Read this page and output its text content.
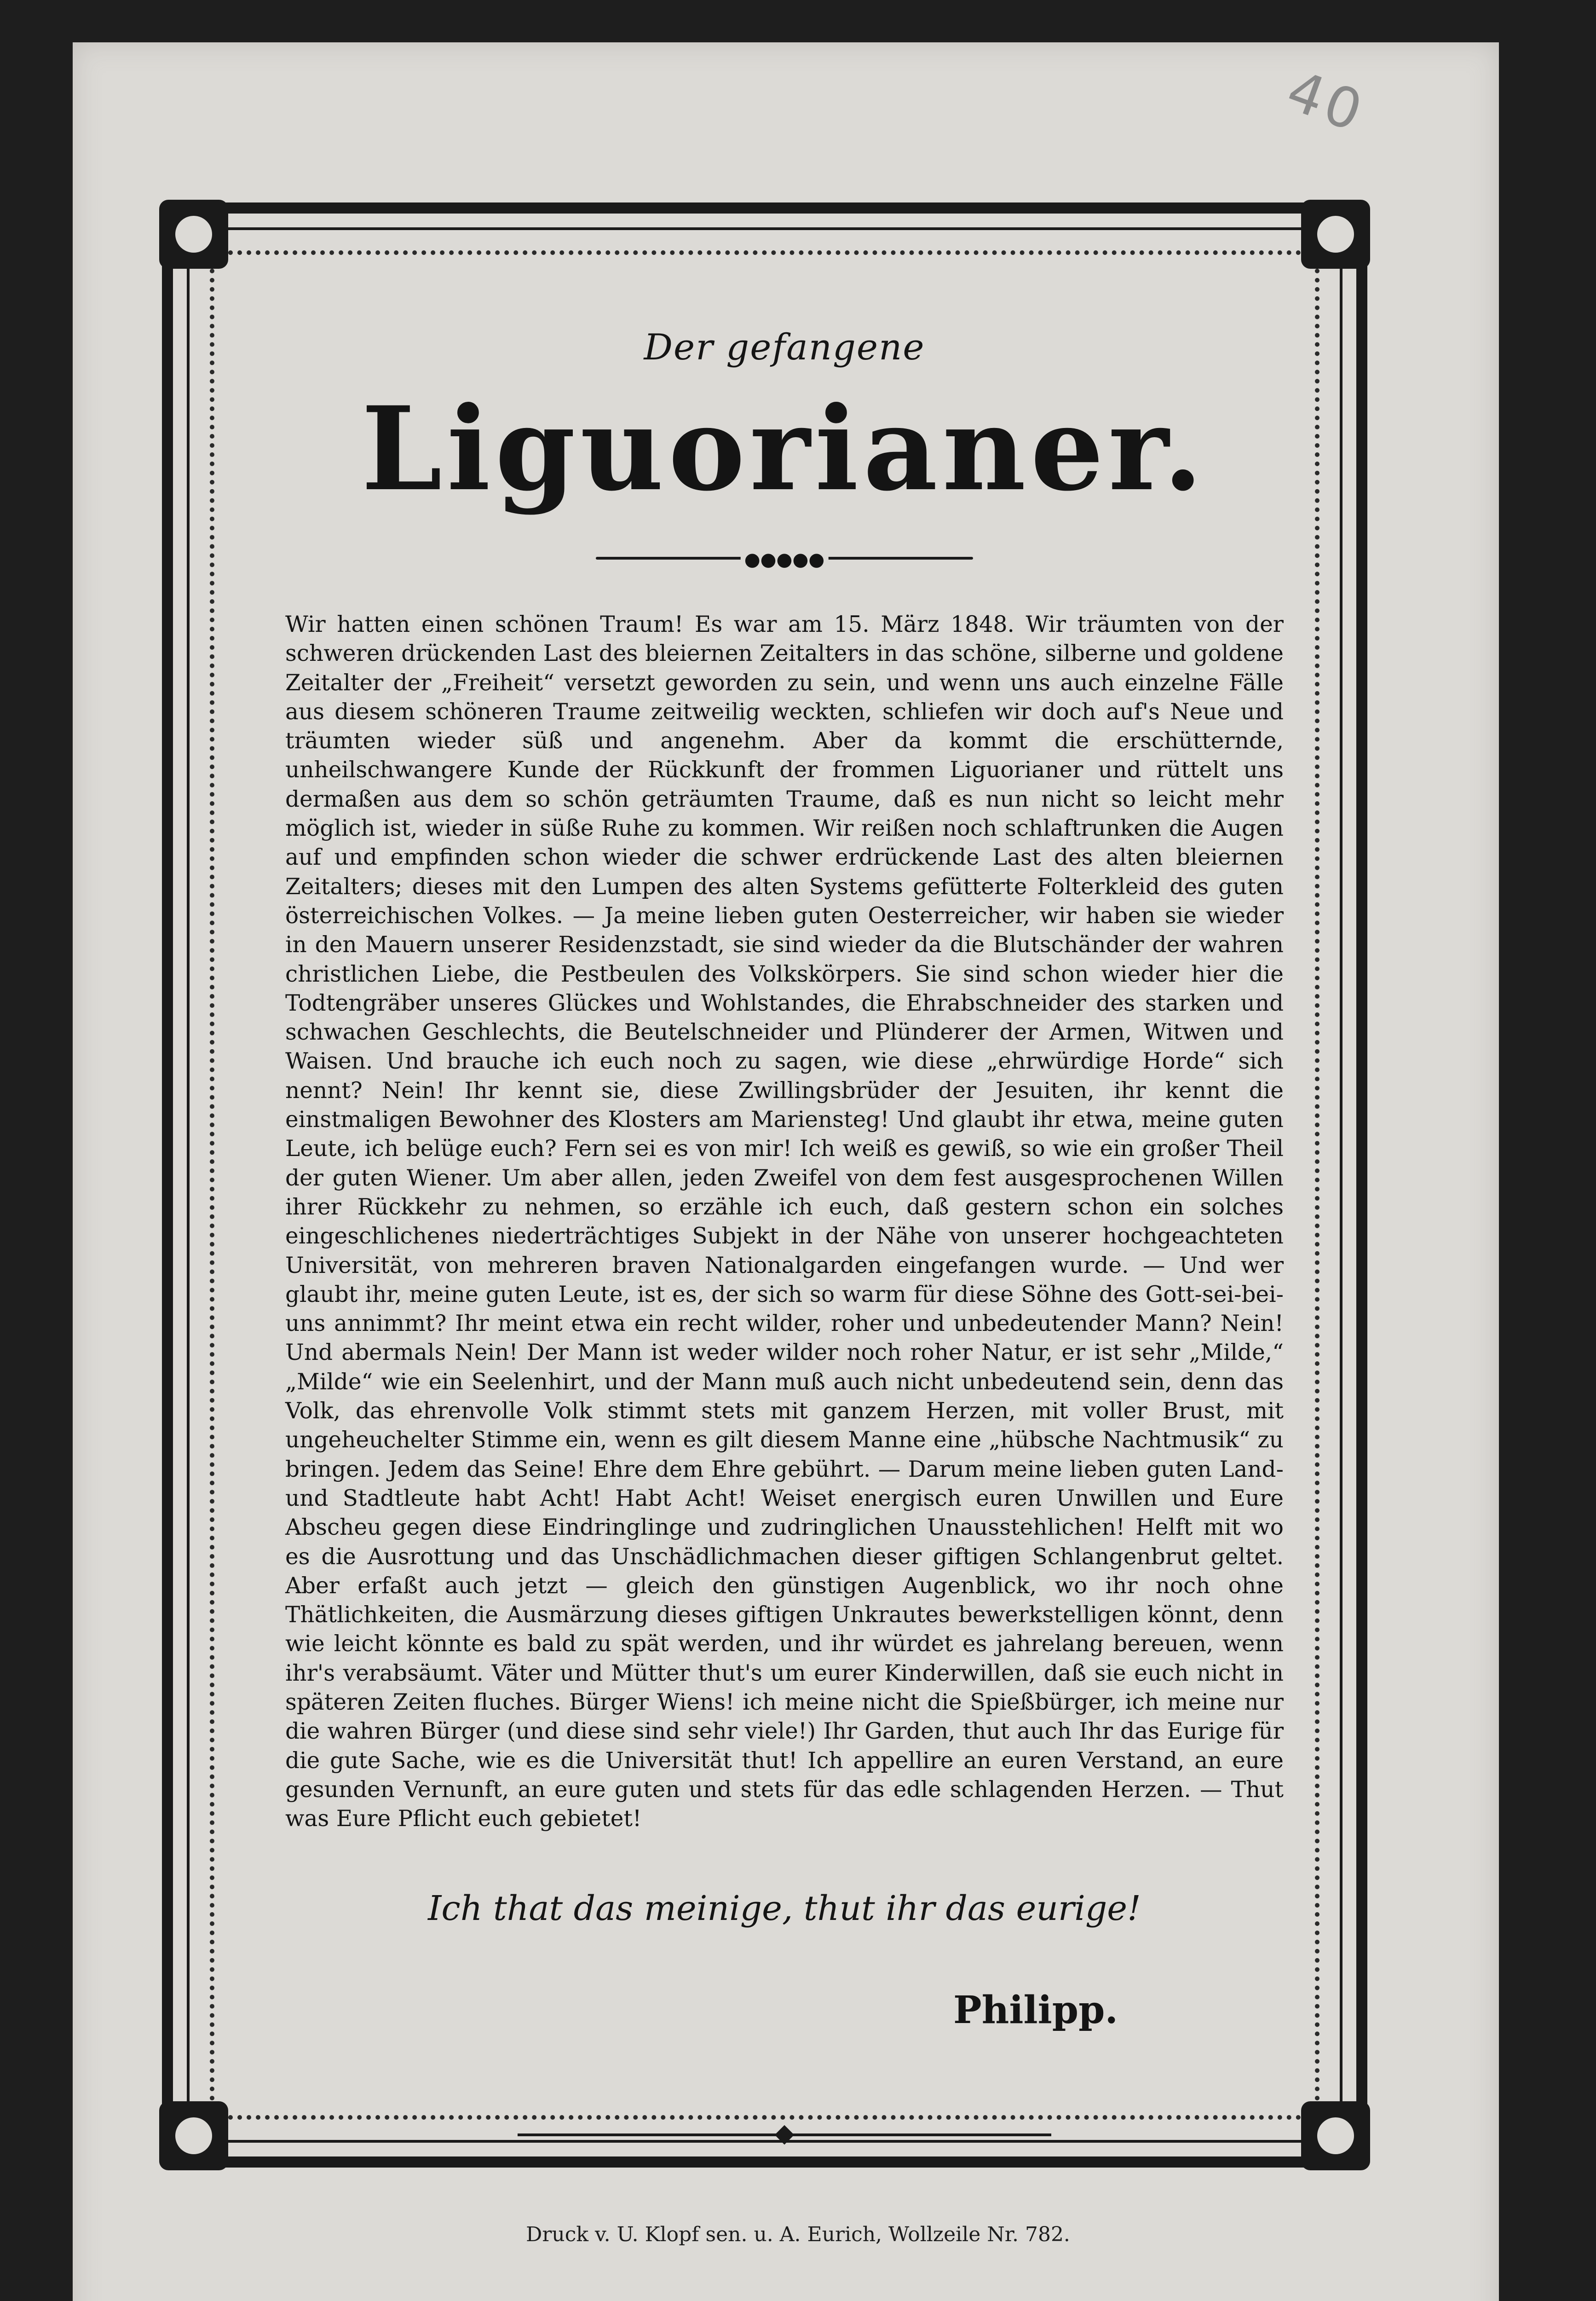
40
Der gefangene
Liguorianer.
●●●●●

Wir hatten einen schönen Traum! Es war am 15. März 1848. Wir träumten von der schweren drückenden Last des bleiernen Zeitalters in das schöne, silberne und goldene Zeitalter der „Freiheit“ versetzt geworden zu sein, und wenn uns auch einzelne Fälle aus diesem schöneren Traume zeitweilig weckten, schliefen wir doch auf's Neue und träumten wieder süß und angenehm. Aber da kommt die erschütternde, unheilschwangere Kunde der Rückkunft der frommen Liguorianer und rüttelt uns dermaßen aus dem so schön geträumten Traume, daß es nun nicht so leicht mehr möglich ist, wieder in süße Ruhe zu kommen. Wir reißen noch schlaftrunken die Augen auf und empfinden schon wieder die schwer erdrückende Last des alten bleiernen Zeitalters; dieses mit den Lumpen des alten Systems gefütterte Folterkleid des guten österreichischen Volkes. — Ja meine lieben guten Oesterreicher, wir haben sie wieder in den Mauern unserer Residenzstadt, sie sind wieder da die Blutschänder der wahren christlichen Liebe, die Pestbeulen des Volkskörpers. Sie sind schon wieder hier die Todtengräber unseres Glückes und Wohlstandes, die Ehrabschneider des starken und schwachen Geschlechts, die Beutelschneider und Plünderer der Armen, Witwen und Waisen. Und brauche ich euch noch zu sagen, wie diese „ehrwürdige Horde“ sich nennt? Nein! Ihr kennt sie, diese Zwillingsbrüder der Jesuiten, ihr kennt die einstmaligen Bewohner des Klosters am Mariensteg! Und glaubt ihr etwa, meine guten Leute, ich belüge euch? Fern sei es von mir! Ich weiß es gewiß, so wie ein großer Theil der guten Wiener. Um aber allen, jeden Zweifel von dem fest ausgesprochenen Willen ihrer Rückkehr zu nehmen, so erzähle ich euch, daß gestern schon ein solches eingeschlichenes niederträchtiges Subjekt in der Nähe von unserer hochgeachteten Universität, von mehreren braven Nationalgarden eingefangen wurde. — Und wer glaubt ihr, meine guten Leute, ist es, der sich so warm für diese Söhne des Gott-sei-bei-uns annimmt? Ihr meint etwa ein recht wilder, roher und unbedeutender Mann? Nein! Und abermals Nein! Der Mann ist weder wilder noch roher Natur, er ist sehr „Milde,“ „Milde“ wie ein Seelenhirt, und der Mann muß auch nicht unbedeutend sein, denn das Volk, das ehrenvolle Volk stimmt stets mit ganzem Herzen, mit voller Brust, mit ungeheuchelter Stimme ein, wenn es gilt diesem Manne eine „hübsche Nachtmusik“ zu bringen. Jedem das Seine! Ehre dem Ehre gebührt. — Darum meine lieben guten Land- und Stadtleute habt Acht! Habt Acht! Weiset energisch euren Unwillen und Eure Abscheu gegen diese Eindringlinge und zudringlichen Unausstehlichen! Helft mit wo es die Ausrottung und das Unschädlichmachen dieser giftigen Schlangenbrut geltet. Aber erfaßt auch jetzt — gleich den günstigen Augenblick, wo ihr noch ohne Thätlichkeiten, die Ausmärzung dieses giftigen Unkrautes bewerkstelligen könnt, denn wie leicht könnte es bald zu spät werden, und ihr würdet es jahrelang bereuen, wenn ihr's verabsäumt. Väter und Mütter thut's um eurer Kinderwillen, daß sie euch nicht in späteren Zeiten fluches. Bürger Wiens! ich meine nicht die Spießbürger, ich meine nur die wahren Bürger (und diese sind sehr viele!) Ihr Garden, thut auch Ihr das Eurige für die gute Sache, wie es die Universität thut! Ich appellire an euren Verstand, an eure gesunden Vernunft, an eure guten und stets für das edle schlagenden Herzen. — Thut was Eure Pflicht euch gebietet!

Ich that das meinige, thut ihr das eurige!
Philipp.
Druck v. U. Klopf sen. u. A. Eurich, Wollzeile Nr. 782.
